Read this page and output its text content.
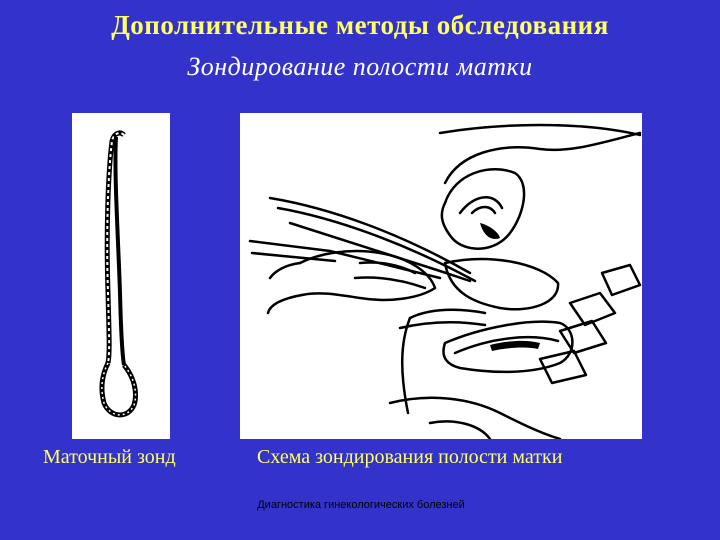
Дополнительные методы обследования
Зондирование полости матки
Маточный зонд	Схема зондирования полости матки
Диагностика гинекологических болезней
